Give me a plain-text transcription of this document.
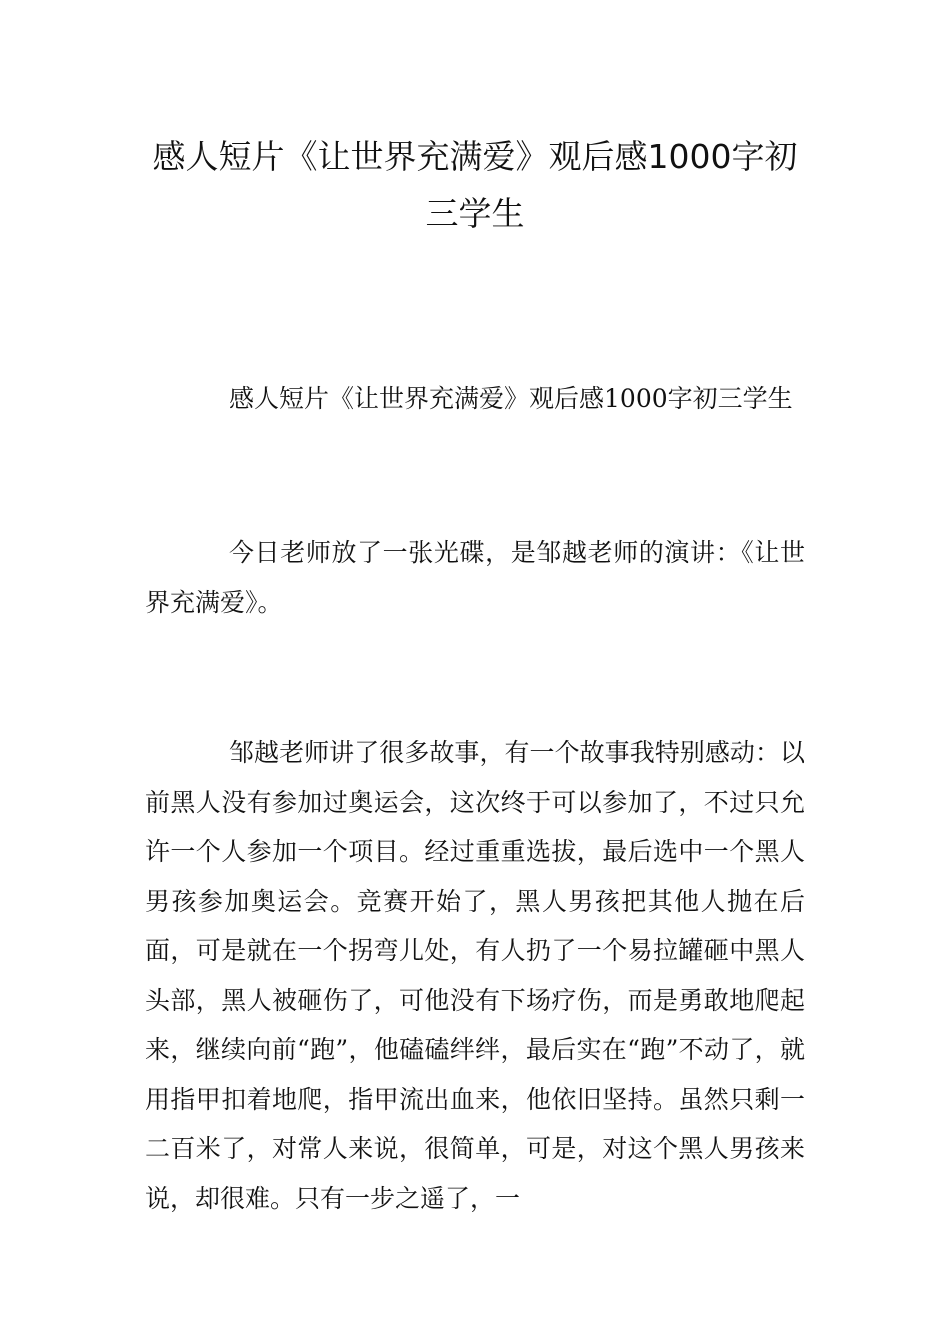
感人短片《让世界充满爱》观后感1000字初三学生

感人短片《让世界充满爱》观后感1000字初三学生

今日老师放了一张光碟，是邹越老师的演讲：《让世界充满爱》。

邹越老师讲了很多故事，有一个故事我特别感动：以前黑人没有参加过奥运会，这次终于可以参加了，不过只允许一个人参加一个项目。经过重重选拔，最后选中一个黑人男孩参加奥运会。竞赛开始了，黑人男孩把其他人抛在后面，可是就在一个拐弯儿处，有人扔了一个易拉罐砸中黑人头部，黑人被砸伤了，可他没有下场疗伤，而是勇敢地爬起来，继续向前“跑”，他磕磕绊绊，最后实在“跑”不动了，就用指甲扣着地爬，指甲流出血来，他依旧坚持。虽然只剩一二百米了，对常人来说，很简单，可是，对这个黑人男孩来说，却很难。只有一步之遥了，一
